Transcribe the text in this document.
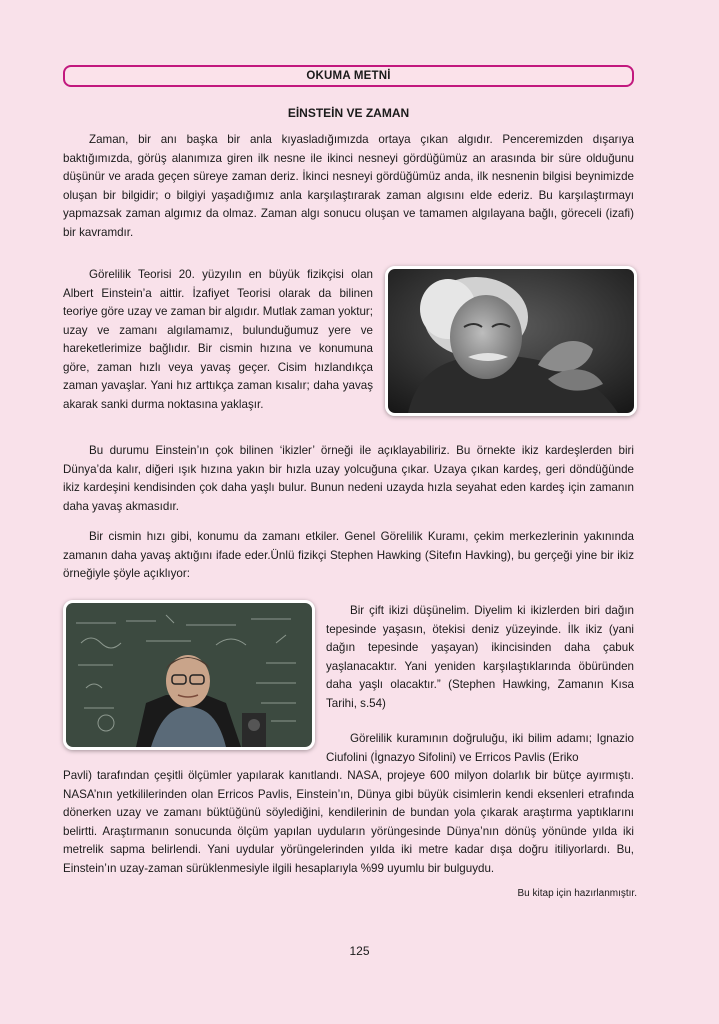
OKUMA METNİ
EİNSTEİN VE ZAMAN

Zaman, bir anı başka bir anla kıyasladığımızda ortaya çıkan algıdır. Penceremizden dışarıya baktığımızda, görüş alanımıza giren ilk nesne ile ikinci nesneyi gördüğümüz an arasında bir süre olduğunu düşünür ve arada geçen süreye zaman deriz. İkinci nesneyi gördüğümüz anda, ilk nesnenin bilgisi beynimizde oluşan bir bilgidir; o bilgiyi yaşadığımız anla karşılaştırarak zaman algısını elde ederiz. Bu karşılaştırmayı yapmazsak zaman algımız da olmaz. Zaman algı sonucu oluşan ve tamamen algılayana bağlı, göreceli (izafi) bir kavramdır.

Görelilik Teorisi 20. yüzyılın en büyük fizikçisi olan Albert Einstein’a aittir. İzafiyet Teorisi olarak da bilinen teoriye göre uzay ve zaman bir algıdır. Mutlak zaman yoktur; uzay ve zamanı algılamamız, bulunduğumuz yere ve hareketlerimize bağlıdır. Bir cismin hızına ve konumuna göre, zaman hızlı veya yavaş geçer. Cisim hızlandıkça zaman yavaşlar. Yani hız arttıkça zaman kısalır; daha yavaş akarak sanki durma noktasına yaklaşır.

Bu durumu Einstein’ın çok bilinen ‘ikizler’ örneği ile açıklayabiliriz. Bu örnekte ikiz kardeşlerden biri Dünya’da kalır, diğeri ışık hızına yakın bir hızla uzay yolcuğuna çıkar. Uzaya çıkan kardeş, geri döndüğünde ikiz kardeşini kendisinden çok daha yaşlı bulur. Bunun nedeni uzayda hızla seyahat eden kardeş için zamanın daha yavaş akmasıdır.

Bir cismin hızı gibi, konumu da zamanı etkiler. Genel Görelilik Kuramı, çekim merkezlerinin yakınında zamanın daha yavaş aktığını ifade eder.Ünlü fizikçi Stephen Hawking (Sitefın Havking), bu gerçeği yine bir ikiz örneğiyle şöyle açıklıyor:

Bir çift ikizi düşünelim. Diyelim ki ikizlerden biri dağın tepesinde yaşasın, ötekisi deniz yüzeyinde. İlk ikiz (yani dağın tepesinde yaşayan) ikincisinden daha çabuk yaşlanacaktır. Yani yeniden karşılaştıklarında öbüründen daha yaşlı olacaktır.” (Stephen Hawking, Zamanın Kısa Tarihi, s.54)

Görelilik kuramının doğruluğu, iki bilim adamı; Ignazio Ciufolini (İgnazyo Sifolini) ve Erricos Pavlis (Eriko

Pavli) tarafından çeşitli ölçümler yapılarak kanıtlandı. NASA, projeye 600 milyon dolarlık bir bütçe ayırmıştı. NASA’nın yetkililerinden olan Erricos Pavlis, Einstein’ın, Dünya gibi büyük cisimlerin kendi eksenleri etrafında dönerken uzay ve zamanı büktüğünü söylediğini, kendilerinin de bundan yola çıkarak araştırma yaptıklarını belirtti. Araştırmanın sonucunda ölçüm yapılan uyduların yörüngesinde Dünya’nın dönüş yönünde yılda iki metrelik sapma belirlendi. Yani uydular yörüngelerinden yılda iki metre kadar dışa doğru itiliyorlardı. Bu, Einstein’ın uzay-zaman sürüklenmesiyle ilgili hesaplarıyla %99 uyumlu bir bulguydu.

Bu kitap için hazırlanmıştır.
125
